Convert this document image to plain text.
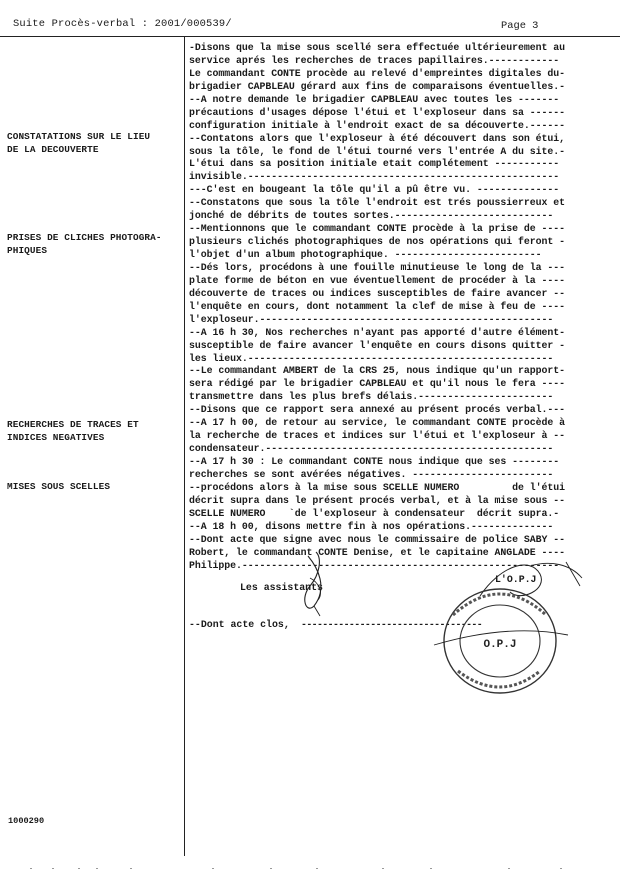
Suite Procès-verbal : 2001/000539/	Page 3
CONSTATATIONS SUR LE LIEU
DE LA DECOUVERTE
PRISES DE CLICHES PHOTOGRA-
PHIQUES
RECHERCHES DE TRACES ET
INDICES NEGATIVES
MISES SOUS SCELLES
-Disons que la mise sous scellé sera effectuée ultérieurement au
service aprés les recherches de traces papillaires.------------
Le commandant CONTE procède au relevé d'empreintes digitales du-
brigadier CAPBLEAU gérard aux fins de comparaisons éventuelles.-
--A notre demande le brigadier CAPBLEAU avec toutes les -------
précautions d'usages dépose l'étui et l'exploseur dans sa ------
configuration initiale à l'endroit exact de sa découverte.------
--Contatons alors que l'exploseur à été découvert dans son étui,
sous la tôle, le fond de l'étui tourné vers l'entrée A du site.-
L'étui dans sa position initiale etait complétement -----------
invisible.-----------------------------------------------------
---C'est en bougeant la tôle qu'il a pû être vu. --------------
--Constatons que sous la tôle l'endroit est trés poussierreux et
jonché de débrits de toutes sortes.---------------------------
--Mentionnons que le commandant CONTE procède à la prise de ----
plusieurs clichés photographiques de nos opérations qui feront -
l'objet d'un album photographique. -------------------------
--Dés lors, procédons à une fouille minutieuse le long de la ---
plate forme de béton en vue éventuellement de procéder à la ----
découverte de traces ou indices susceptibles de faire avancer --
l'enquête en cours, dont notamment la clef de mise à feu de ----
l'exploseur.--------------------------------------------------
--A 16 h 30, Nos recherches n'ayant pas apporté d'autre élément-
susceptible de faire avancer l'enquête en cours disons quitter -
les lieux.----------------------------------------------------
--Le commandant AMBERT de la CRS 25, nous indique qu'un rapport-
sera rédigé par le brigadier CAPBLEAU et qu'il nous le fera ----
transmettre dans les plus brefs délais.-----------------------
--Disons que ce rapport sera annexé au présent procés verbal.---
--A 17 h 00, de retour au service, le commandant CONTE procède à
la recherche de traces et indices sur l'étui et l'exploseur à --
condensateur.-------------------------------------------------
--A 17 h 30 : Le commandant CONTE nous indique que ses --------
recherches se sont avérées négatives. ------------------------
--procédons alors à la mise sous SCELLE NUMERO         de l'étui
décrit supra dans le présent procés verbal, et à la mise sous --
SCELLE NUMERO    `de l'exploseur à condensateur  décrit supra.-
--A 18 h 00, disons mettre fin à nos opérations.--------------
--Dont acte que signe avec nous le commissaire de police SABY --
Robert, le commandant CONTE Denise, et le capitaine ANGLADE ----
Philippe.------------------------------------------------------
Les assistants
L'O.P.J
--Dont acte clos, ----------------------------------
O.P.J
1000290
